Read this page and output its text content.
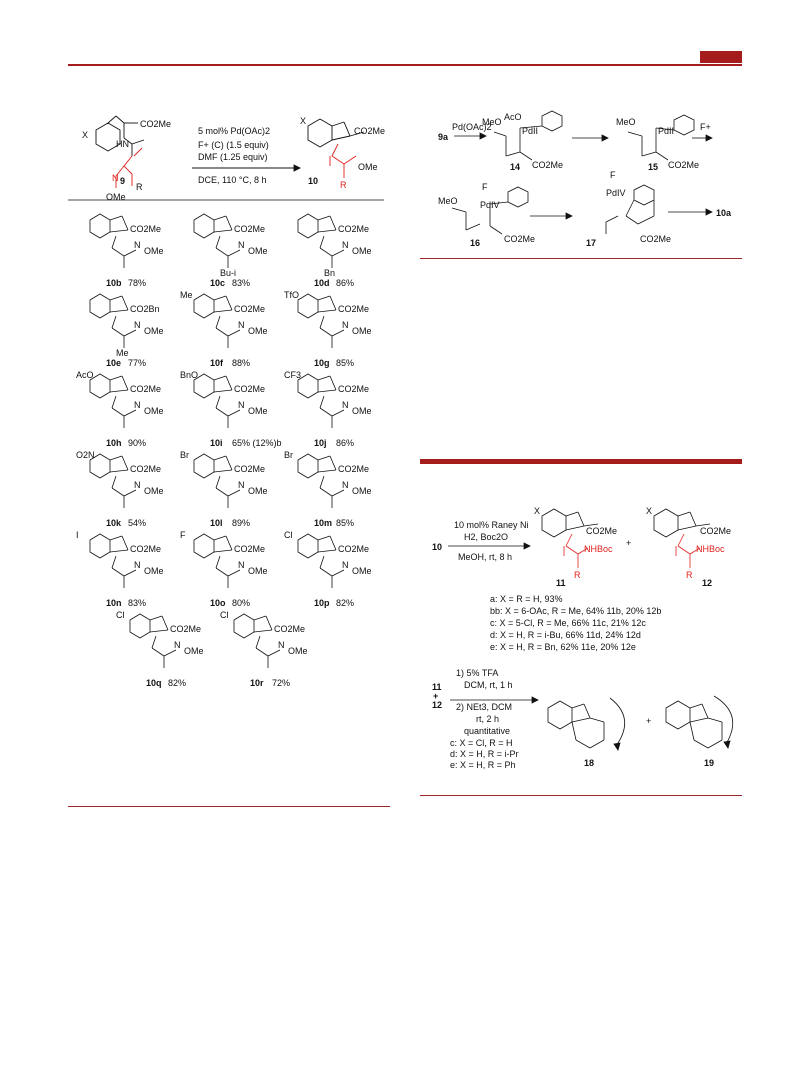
X
CO2Me
HN
N
R
OMe
9
5 mol% Pd(OAc)2
F+ (C) (1.5 equiv)
DMF (1.25 equiv)
DCE, 110 °C, 8 h
X
CO2Me
OMe
R
10
CO2Me
N
OMe
10b 78%
CO2Me
N
OMe
Bu-i
10c 83%
CO2Me
N
OMe
Bn
10d 86%
CO2Bn
N
OMe
Me
10e 77%
CO2Me
N
OMe
Me
10f 88%
CO2Me
N
OMe
TfO
10g 85%
CO2Me
N
OMe
AcO
10h 90%
CO2Me
N
OMe
BnO
10i 65% (12%)b
CO2Me
N
OMe
CF3
10j 86%
CO2Me
N
OMe
O2N
10k 54%
CO2Me
N
OMe
Br
10l 89%
CO2Me
N
OMe
Br
10m 85%
CO2Me
N
OMe
I
10n 83%
CO2Me
N
OMe
F
10o 80%
CO2Me
N
OMe
Cl
10p 82%
CO2Me
N
OMe
Cl
10q 82%
CO2Me
N
OMe
Cl
10r 72%
9a
Pd(OAc)2
MeO AcO
PdII
CO2Me
14
MeO
PdII
CO2Me
15
F+
MeO PdIV
F
CO2Me
16
PdIV
F
CO2Me
17
10a
10
10 mol% Raney Ni
H2, Boc2O
MeOH, rt, 8 h
X
CO2Me
NHBoc
R
11
+
X
CO2Me
NHBoc
R
12
a: X = R = H, 93%
bb: X = 6-OAc, R = Me, 64% 11b, 20% 12b
c: X = 5-Cl, R = Me, 66% 11c, 21% 12c
d: X = H, R = i-Bu, 66% 11d, 24% 12d
e: X = H, R = Bn, 62% 11e, 20% 12e
11
+
12
1) 5% TFA
DCM, rt, 1 h
2) NEt3, DCM
rt, 2 h
quantitative
c: X = Cl, R = H
d: X = H, R = i-Pr
e: X = H, R = Ph
+
18	19
